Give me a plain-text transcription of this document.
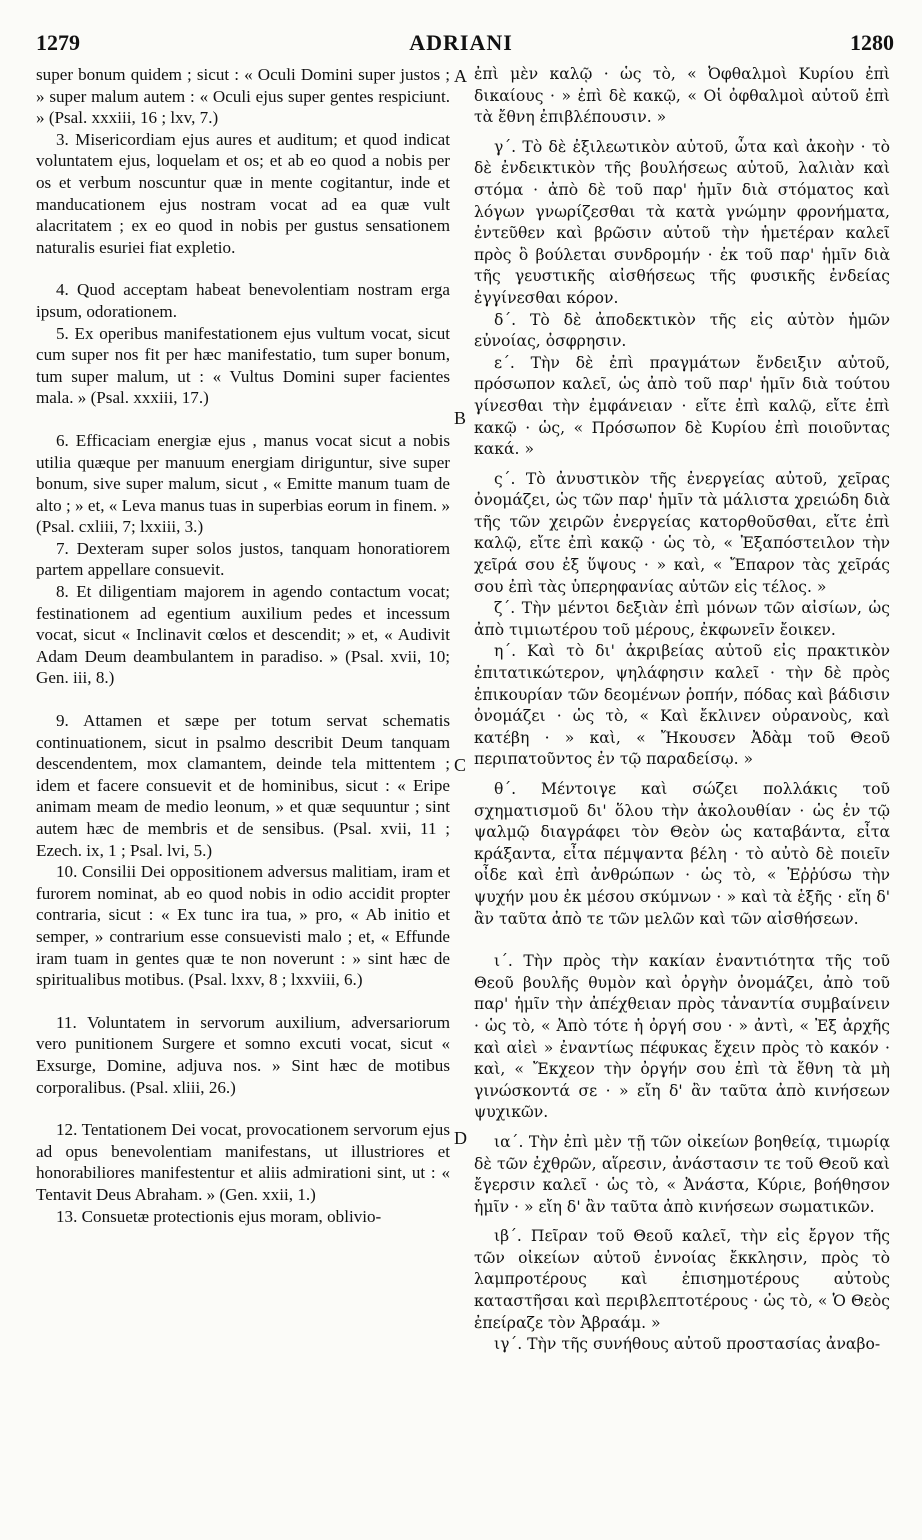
1279	ADRIANI	1280
A
B
C
D

super bonum quidem ; sicut : « Oculi Domini super justos ; » super malum autem : « Oculi ejus super gentes respiciunt. » (Psal. xxxiii, 16 ; lxv, 7.)

3. Misericordiam ejus aures et auditum; et quod indicat voluntatem ejus, loquelam et os; et ab eo quod a nobis per os et verbum noscuntur quæ in mente cogitantur, inde et manducationem ejus nostram vocat ad ea quæ vult alacritatem ; ex eo quod in nobis per gustus sensationem naturalis esuriei fiat expletio.

4. Quod acceptam habeat benevolentiam nostram erga ipsum, odorationem.

5. Ex operibus manifestationem ejus vultum vocat, sicut cum super nos fit per hæc manifestatio, tum super bonum, tum super malum, ut : « Vultus Domini super facientes mala. » (Psal. xxxiii, 17.)

6. Efficaciam energiæ ejus , manus vocat sicut a nobis utilia quæque per manuum energiam diriguntur, sive super bonum, sive super malum, sicut , « Emitte manum tuam de alto ; » et, « Leva manus tuas in superbias eorum in finem. » (Psal. cxliii, 7; lxxiii, 3.)

7. Dexteram super solos justos, tanquam honoratiorem partem appellare consuevit.

8. Et diligentiam majorem in agendo contactum vocat; festinationem ad egentium auxilium pedes et incessum vocat, sicut « Inclinavit cœlos et descendit; » et, « Audivit Adam Deum deambulantem in paradiso. » (Psal. xvii, 10; Gen. iii, 8.)

9. Attamen et sæpe per totum servat schematis continuationem, sicut in psalmo describit Deum tanquam descendentem, mox clamantem, deinde tela mittentem ; idem et facere consuevit et de hominibus, sicut : « Eripe animam meam de medio leonum, » et quæ sequuntur ; sint autem hæc de membris et de sensibus. (Psal. xvii, 11 ; Ezech. ix, 1 ; Psal. lvi, 5.)

10. Consilii Dei oppositionem adversus malitiam, iram et furorem nominat, ab eo quod nobis in odio accidit propter contraria, sicut : « Ex tunc ira tua, » pro, « Ab initio et semper, » contrarium esse consuevisti malo ; et, « Effunde iram tuam in gentes quæ te non noverunt : » sint hæc de spiritualibus motibus. (Psal. lxxv, 8 ; lxxviii, 6.)

11. Voluntatem in servorum auxilium, adversariorum vero punitionem Surgere et somno excuti vocat, sicut « Exsurge, Domine, adjuva nos. » Sint hæc de motibus corporalibus. (Psal. xliii, 26.)

12. Tentationem Dei vocat, provocationem servorum ejus ad opus benevolentiam manifestans, ut illustriores et honorabiliores manifestentur et aliis admirationi sint, ut : « Tentavit Deus Abraham. » (Gen. xxii, 1.)

13. Consuetæ protectionis ejus moram, oblivio-

ἐπὶ μὲν καλῷ · ὡς τὸ, « Ὀφθαλμοὶ Κυρίου ἐπὶ δικαίους · » ἐπὶ δὲ κακῷ, « Οἱ ὀφθαλμοὶ αὐτοῦ ἐπὶ τὰ ἔθνη ἐπιβλέπουσιν. »

γ΄. Τὸ δὲ ἐξιλεωτικὸν αὐτοῦ, ὦτα καὶ ἀκοὴν · τὸ δὲ ἐνδεικτικὸν τῆς βουλήσεως αὐτοῦ, λαλιὰν καὶ στόμα · ἀπὸ δὲ τοῦ παρ' ἡμῖν διὰ στόματος καὶ λόγων γνωρίζεσθαι τὰ κατὰ γνώμην φρονήματα, ἐντεῦθεν καὶ βρῶσιν αὐτοῦ τὴν ἡμετέραν καλεῖ πρὸς ὃ βούλεται συνδρομήν · ἐκ τοῦ παρ' ἡμῖν διὰ τῆς γευστικῆς αἰσθήσεως τῆς φυσικῆς ἐνδείας ἐγγίνεσθαι κόρον.

δ΄. Τὸ δὲ ἀποδεκτικὸν τῆς εἰς αὐτὸν ἡμῶν εὐνοίας, ὀσφρησιν.

ε΄. Τὴν δὲ ἐπὶ πραγμάτων ἔνδειξιν αὐτοῦ, πρόσωπον καλεῖ, ὡς ἀπὸ τοῦ παρ' ἡμῖν διὰ τούτου γίνεσθαι τὴν ἐμφάνειαν · εἴτε ἐπὶ καλῷ, εἴτε ἐπὶ κακῷ · ὡς, « Πρόσωπον δὲ Κυρίου ἐπὶ ποιοῦντας κακά. »

ς΄. Τὸ ἀνυστικὸν τῆς ἐνεργείας αὐτοῦ, χεῖρας ὀνομάζει, ὡς τῶν παρ' ἡμῖν τὰ μάλιστα χρειώδη διὰ τῆς τῶν χειρῶν ἐνεργείας κατορθοῦσθαι, εἴτε ἐπὶ καλῷ, εἴτε ἐπὶ κακῷ · ὡς τὸ, « Ἐξαπόστειλον τὴν χεῖρά σου ἐξ ὕψους · » καὶ, « Ἔπαρον τὰς χεῖράς σου ἐπὶ τὰς ὑπερηφανίας αὐτῶν εἰς τέλος. »

ζ΄. Τὴν μέντοι δεξιὰν ἐπὶ μόνων τῶν αἰσίων, ὡς ἀπὸ τιμιωτέρου τοῦ μέρους, ἐκφωνεῖν ἔοικεν.

η΄. Καὶ τὸ δι' ἀκριβείας αὐτοῦ εἰς πρακτικὸν ἐπιτατικώτερον, ψηλάφησιν καλεῖ · τὴν δὲ πρὸς ἐπικουρίαν τῶν δεομένων ῥοπήν, πόδας καὶ βάδισιν ὀνομάζει · ὡς τὸ, « Καὶ ἔκλινεν οὐρανοὺς, καὶ κατέβη · » καὶ, « Ἤκουσεν Ἀδὰμ τοῦ Θεοῦ περιπατοῦντος ἐν τῷ παραδείσῳ. »

θ΄. Μέντοιγε καὶ σώζει πολλάκις τοῦ σχηματισμοῦ δι' ὅλου τὴν ἀκολουθίαν · ὡς ἐν τῷ ψαλμῷ διαγράφει τὸν Θεὸν ὡς καταβάντα, εἶτα κράξαντα, εἶτα πέμψαντα βέλη · τὸ αὐτὸ δὲ ποιεῖν οἶδε καὶ ἐπὶ ἀνθρώπων · ὡς τὸ, « Ἐῤῥύσω τὴν ψυχήν μου ἐκ μέσου σκύμνων · » καὶ τὰ ἑξῆς · εἴη δ' ἂν ταῦτα ἀπὸ τε τῶν μελῶν καὶ τῶν αἰσθήσεων.

ι΄. Τὴν πρὸς τὴν κακίαν ἐναντιότητα τῆς τοῦ Θεοῦ βουλῆς θυμὸν καὶ ὀργὴν ὀνομάζει, ἀπὸ τοῦ παρ' ἡμῖν τὴν ἀπέχθειαν πρὸς τἀναντία συμβαίνειν · ὡς τὸ, « Ἀπὸ τότε ἡ ὀργή σου · » ἀντὶ, « Ἐξ ἀρχῆς καὶ αἰεὶ » ἐναντίως πέφυκας ἔχειν πρὸς τὸ κακόν · καὶ, « Ἔκχεον τὴν ὀργήν σου ἐπὶ τὰ ἔθνη τὰ μὴ γινώσκοντά σε · » εἴη δ' ἂν ταῦτα ἀπὸ κινήσεων ψυχικῶν.

ια΄. Τὴν ἐπὶ μὲν τῇ τῶν οἰκείων βοηθείᾳ, τιμωρίᾳ δὲ τῶν ἐχθρῶν, αἵρεσιν, ἀνάστασιν τε τοῦ Θεοῦ καὶ ἔγερσιν καλεῖ · ὡς τὸ, « Ἀνάστα, Κύριε, βοήθησον ἡμῖν · » εἴη δ' ἂν ταῦτα ἀπὸ κινήσεων σωματικῶν.

ιβ΄. Πεῖραν τοῦ Θεοῦ καλεῖ, τὴν εἰς ἔργον τῆς τῶν οἰκείων αὐτοῦ ἐννοίας ἔκκλησιν, πρὸς τὸ λαμπροτέρους καὶ ἐπισημοτέρους αὐτοὺς καταστῆσαι καὶ περιβλεπτοτέρους · ὡς τὸ, « Ὁ Θεὸς ἐπείραζε τὸν Ἀβραάμ. »

ιγ΄. Τὴν τῆς συνήθους αὐτοῦ προστασίας ἀναβο-
